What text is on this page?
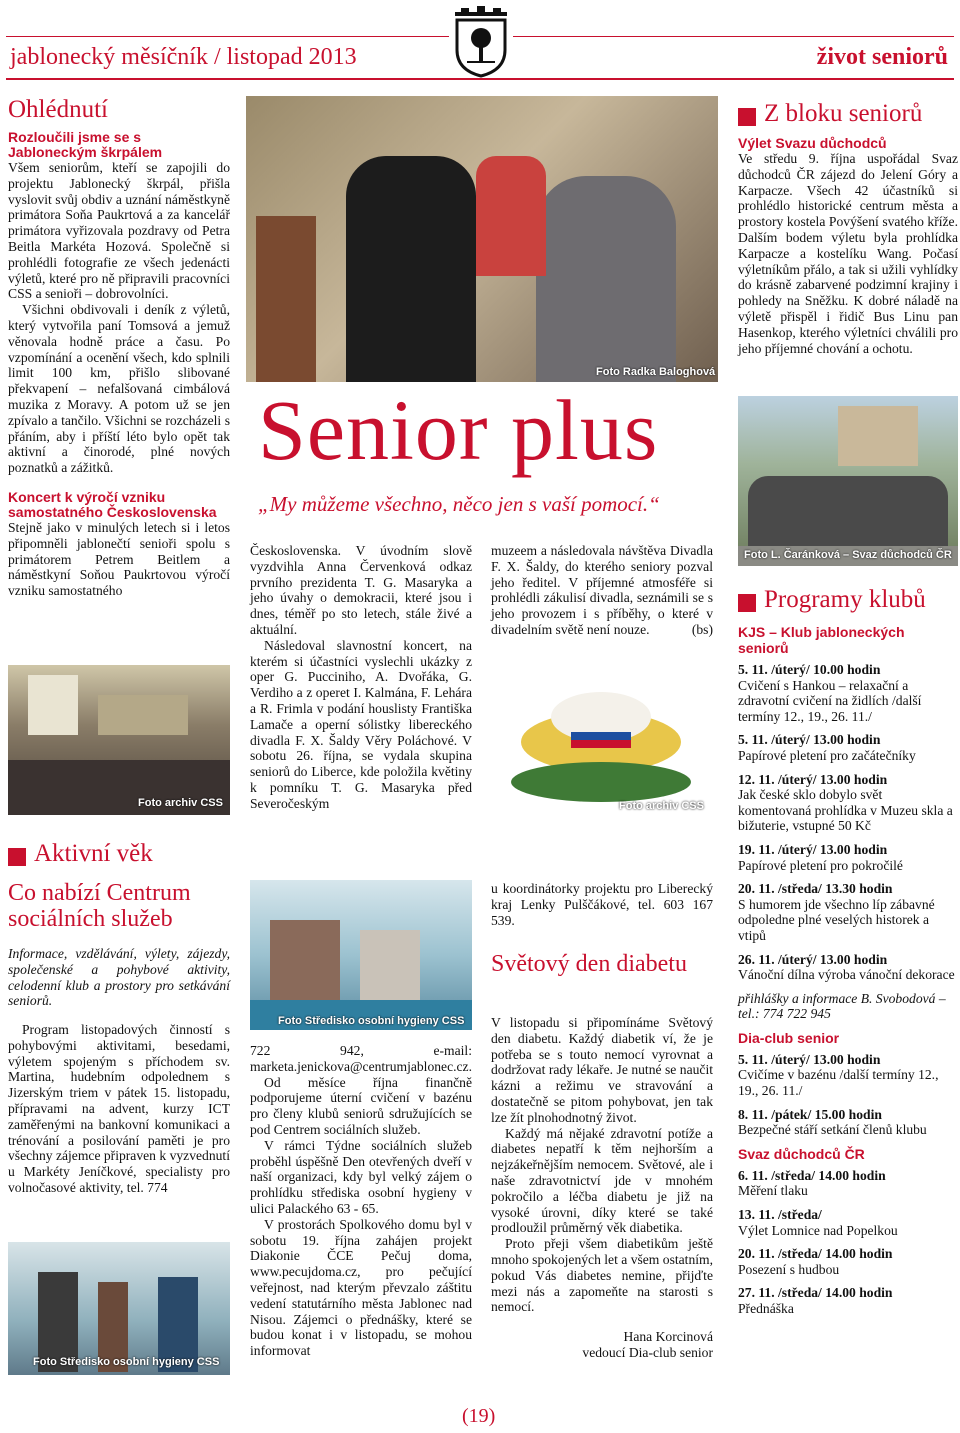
jablonecký měsíčník / listopad 2013	život seniorů
Ohlédnutí
Rozloučili jsme se s Jabloneckým škrpálem

Všem seniorům, kteří se zapojili do projektu Jablonecký škrpál, přišla vyslovit svůj obdiv a uznání náměstkyně primátora Soňa Paukrtová a za kancelář primátora vyřizovala pozdravy od Petra Beitla Markéta Hozová. Společně si prohlédli fotografie ze všech jedenácti výletů, které pro ně připravili pracovníci CSS a senioři – dobrovolníci.

Všichni obdivovali i deník z výletů, který vytvořila paní Tomsová a jemuž věnovala hodně práce a času. Po vzpomínání a ocenění všech, kdo splnili limit 100 km, přišlo slibované překvapení – nefalšovaná cimbálová muzika z Moravy. A potom už se jen zpívalo a tančilo. Všichni se rozcházeli s přáním, aby i příští léto bylo opět tak aktivní a činorodé, plné nových poznatků a zážitků.

Koncert k výročí vzniku samostatného Československa

Stejně jako v minulých letech si i letos připomněli jablonečtí senioři spolu s primátorem Petrem Beitlem a náměstkyní Soňou Paukrtovou výročí vzniku samostatného

Foto archiv CSS
Foto Radka Baloghová
Senior plus
„My můžeme všechno, něco jen s vaší pomocí.“

Československa. V úvodním slově vyzdvihla Anna Červenková odkaz prvního prezidenta T. G. Masaryka a jeho úvahy o demokracii, které jsou i dnes, téměř po sto letech, stále živé a aktuální.

Následoval slavnostní koncert, na kterém si účastníci vyslechli ukázky z oper G. Pucciniho, A. Dvořáka, G. Verdiho a z operet I. Kalmána, F. Lehára a R. Frimla v podání houslisty Františka Lamače a operní sólistky libereckého divadla F. X. Šaldy Věry Poláchové. V sobotu 26. října, se vydala skupina seniorů do Liberce, kde položila květiny k pomníku T. G. Masaryka před Severočeským

muzeem a následovala návštěva Divadla F. X. Šaldy, do kterého seniory pozval jeho ředitel. V příjemné atmosféře si prohlédli zákulisí divadla, seznámili se s jeho provozem i s příběhy, o které v divadelním světě není nouze.	(bs)

Foto archiv CSS
Aktivní věk
Co nabízí Centrum sociálních služeb
Informace, vzdělávání, výlety, zájezdy, společenské a pohybové aktivity, celodenní klub a prostory pro setkávání seniorů.

Program listopadových činností s pohybovými aktivitami, besedami, výletem spojeným s příchodem sv. Martina, hudebním odpolednem s Jizerským triem v pátek 15. listopadu, přípravami na advent, kurzy ICT zaměřenými na bankovní komunikaci a trénování a posilování paměti je pro všechny zájemce připraven k vyzvednutí u Markéty Jeníčkové, specialisty pro volnočasové aktivity, tel. 774

Foto Středisko osobní hygieny CSS
Foto Středisko osobní hygieny CSS

722 942, e-mail: marketa.jenickova@centrumjablonec.cz.

Od měsíce října finančně podporujeme úterní cvičení v bazénu pro členy klubů seniorů sdružujících se pod Centrem sociálních služeb.

V rámci Týdne sociálních služeb proběhl úspěšně Den otevřených dveří v naší organizaci, kdy byl velký zájem o prohlídku střediska osobní hygieny v ulici Palackého 63 - 65.

V prostorách Spolkového domu byl v sobotu 19. října zahájen projekt Diakonie ČCE Pečuj doma, www.pecujdoma.cz, pro pečující veřejnost, nad kterým převzalo záštitu vedení statutárního města Jablonec nad Nisou. Zájemci o přednášky, které se budou konat i v listopadu, se mohou informovat

u koordinátorky projektu pro Liberecký kraj Lenky Pulščákové, tel. 603 167 539.

Světový den diabetu

V listopadu si připomínáme Světový den diabetu. Každý diabetik ví, že je potřeba se s touto nemocí vyrovnat a dodržovat rady lékaře. Je nutné se naučit kázni a režimu ve stravování a dostatečně se pitom pohybovat, jen tak lze žít plnohodnotný život.

Každý má nějaké zdravotní potíže a diabetes nepatří k těm nejhorším a nejzákeřnějším nemocem. Světové, ale i naše zdravotnictví jde v mnohém pokročilo a léčba diabetu je již na vysoké úrovni, díky které se také prodloužil průměrný věk diabetika.

Proto přeji všem diabetikům ještě mnoho spokojených let a všem ostatním, pokud Vás diabetes nemine, přijďte mezi nás a zapomeňte na starosti s nemocí.

Hana Korcinová
vedoucí Dia-club senior
(19)
Z bloku seniorů
Výlet Svazu důchodců

Ve středu 9. října uspořádal Svaz důchodců ČR zájezd do Jelení Góry a Karpacze. Všech 42 účastníků si prohlédlo historické centrum města a prostory kostela Povýšení svatého kříže. Dalším bodem výletu byla prohlídka Karpacze a kostelíku Wang. Počasí výletníkům přálo, a tak si užili vyhlídky do krásně zabarvené podzimní krajiny i pohledy na Sněžku. K dobré náladě na výletě přispěl i řidič Bus Linu pan Hasenkop, kterého výletníci chválili pro jeho příjemné chování a ochotu.

Foto L. Čaránková – Svaz důchodců ČR
Programy klubů
KJS – Klub jabloneckých seniorů
5. 11. /úterý/ 10.00 hodin
Cvičení s Hankou – relaxační a zdravotní cvičení na židlích /další termíny 12., 19., 26. 11./
5. 11. /úterý/ 13.00 hodin
Papírové pletení pro začátečníky
12. 11. /úterý/ 13.00 hodin
Jak české sklo dobylo svět komentovaná prohlídka v Muzeu skla a bižuterie, vstupné 50 Kč
19. 11. /úterý/ 13.00 hodin
Papírové pletení pro pokročilé
20. 11. /středa/ 13.30 hodin
S humorem jde všechno líp zábavné odpoledne plné veselých historek a vtipů
26. 11. /úterý/ 13.00 hodin
Vánoční dílna výroba vánoční dekorace
přihlášky a informace B. Svobodová – tel.: 774 722 945
Dia-club senior
5. 11. /úterý/ 13.00 hodin
Cvičíme v bazénu /další termíny 12., 19., 26. 11./
8. 11. /pátek/ 15.00 hodin
Bezpečné stáří setkání členů klubu
Svaz důchodců ČR
6. 11. /středa/ 14.00 hodin
Měření tlaku
13. 11. /středa/
Výlet Lomnice nad Popelkou
20. 11. /středa/ 14.00 hodin
Posezení s hudbou
27. 11. /středa/ 14.00 hodin
Přednáška
